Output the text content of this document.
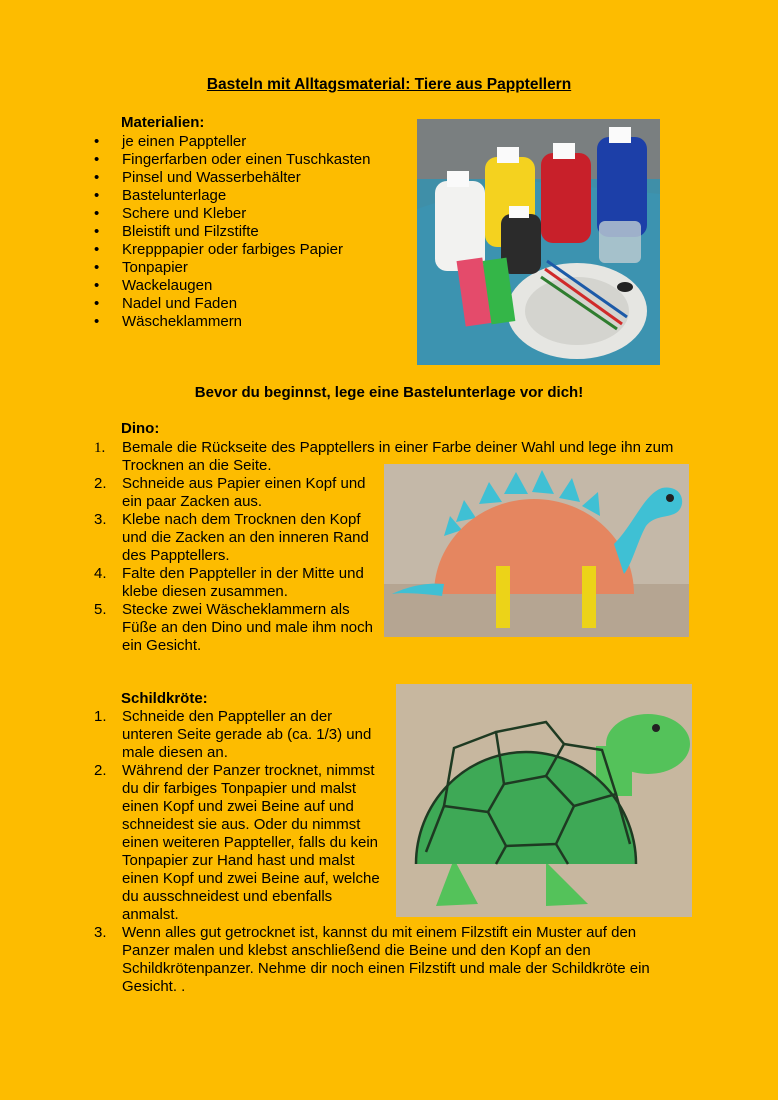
Basteln mit Alltagsmaterial: Tiere aus Papptellern
Materialien:
• je einen Pappteller
• Fingerfarben oder einen Tuschkasten
• Pinsel und Wasserbehälter
• Bastelunterlage
• Schere und Kleber
• Bleistift und Filzstifte
• Krepppapier oder farbiges Papier
• Tonpapier
• Wackelaugen
• Nadel und Faden
• Wäscheklammern
Bevor du beginnst, lege eine Bastelunterlage vor dich!
Dino:
1. Bemale die Rückseite des Papptellers in einer Farbe deiner Wahl und lege ihn zum Trocknen an die Seite.
2. Schneide aus Papier einen Kopf und ein paar Zacken aus.
3. Klebe nach dem Trocknen den Kopf und die Zacken an den inneren Rand des Papptellers.
4. Falte den Pappteller in der Mitte und klebe diesen zusammen.
5. Stecke zwei Wäscheklammern als Füße an den Dino und male ihm noch ein Gesicht.
Schildkröte:
1. Schneide den Pappteller an der unteren Seite gerade ab (ca. 1/3) und male diesen an.
2. Während der Panzer trocknet, nimmst du dir farbiges Tonpapier und malst einen Kopf und zwei Beine auf und schneidest sie aus. Oder du nimmst einen weiteren Pappteller, falls du kein Tonpapier zur Hand hast und malst einen Kopf und zwei Beine auf, welche du ausschneidest und ebenfalls anmalst.
3. Wenn alles gut getrocknet ist, kannst du mit einem Filzstift ein Muster auf den Panzer malen und klebst anschließend die Beine und den Kopf an den Schildkrötenpanzer. Nehme dir noch einen Filzstift und male der Schildkröte ein Gesicht. .
